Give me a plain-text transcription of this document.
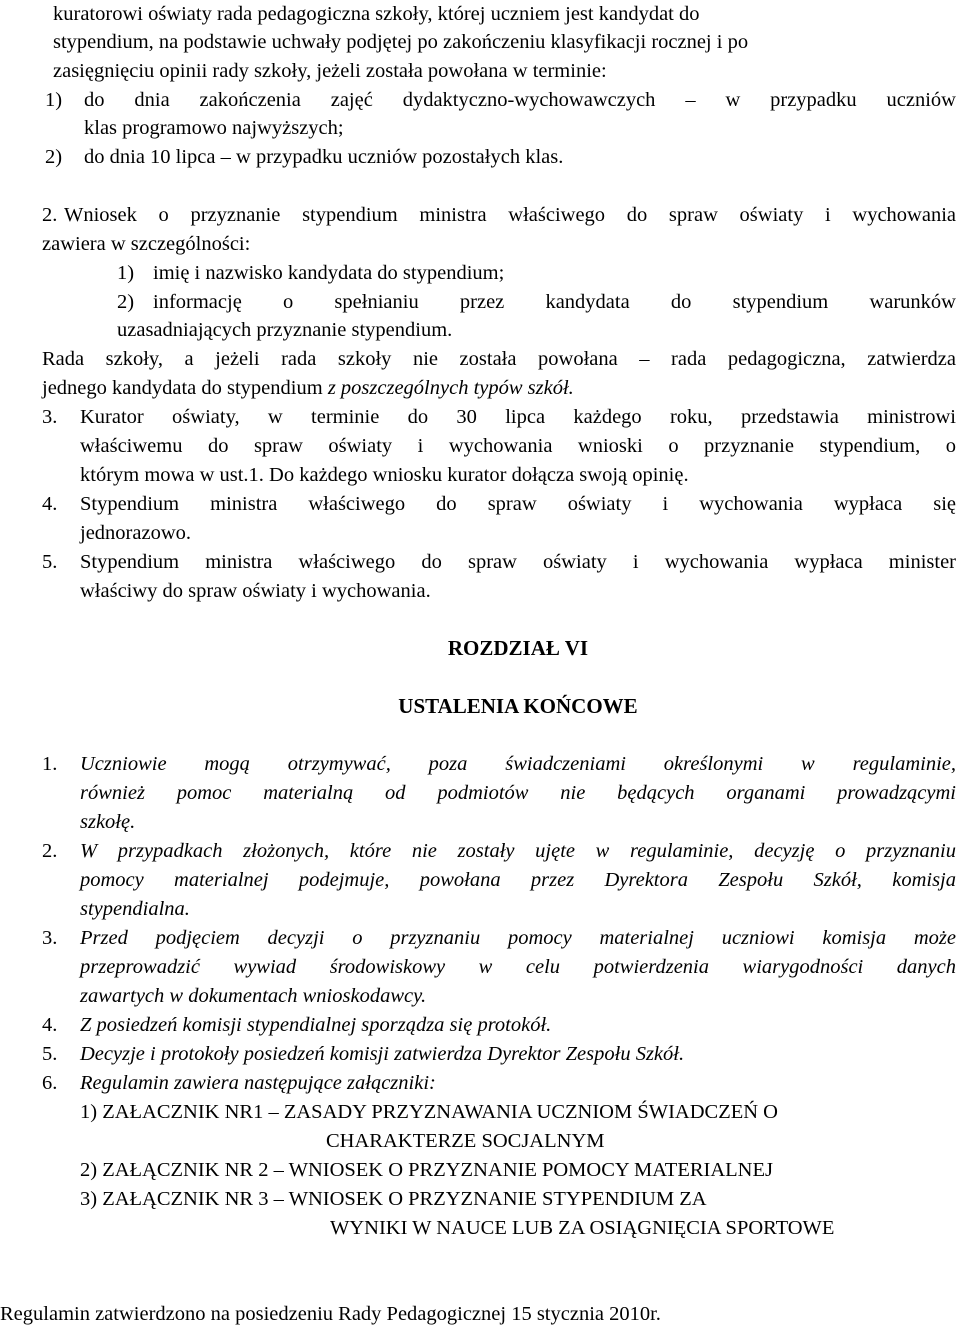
kuratorowi oświaty rada pedagogiczna szkoły, której uczniem jest kandydat do
stypendium, na podstawie uchwały podjętej po zakończeniu klasyfikacji rocznej i po
zasięgnięciu opinii rady szkoły, jeżeli została powołana w terminie:
1) do dnia zakończenia zajęć dydaktyczno-wychowawczych – w przypadku uczniów
klas programowo najwyższych;
2) do dnia 10 lipca – w przypadku uczniów pozostałych klas.
2. Wniosek o przyznanie stypendium ministra właściwego do spraw oświaty i wychowania
zawiera w szczególności:
1) imię i nazwisko kandydata do stypendium;
2) informację o spełnianiu przez kandydata do stypendium warunków
uzasadniających przyznanie stypendium.
Rada szkoły, a jeżeli rada szkoły nie została powołana – rada pedagogiczna, zatwierdza
jednego kandydata do stypendium z poszczególnych typów szkół.
3. Kurator oświaty, w terminie do 30 lipca każdego roku, przedstawia ministrowi
właściwemu do spraw oświaty i wychowania wnioski o przyznanie stypendium, o
którym mowa w ust.1. Do każdego wniosku kurator dołącza swoją opinię.
4. Stypendium ministra właściwego do spraw oświaty i wychowania wypłaca się
jednorazowo.
5. Stypendium ministra właściwego do spraw oświaty i wychowania wypłaca minister
właściwy do spraw oświaty i wychowania.
ROZDZIAŁ VI
USTALENIA KOŃCOWE
1. Uczniowie mogą otrzymywać, poza świadczeniami określonymi w regulaminie,
również pomoc materialną od podmiotów nie będących organami prowadzącymi
szkołę.
2. W przypadkach złożonych, które nie zostały ujęte w regulaminie, decyzję o przyznaniu
pomocy materialnej podejmuje, powołana przez Dyrektora Zespołu Szkół, komisja
stypendialna.
3. Przed podjęciem decyzji o przyznaniu pomocy materialnej uczniowi komisja może
przeprowadzić wywiad środowiskowy w celu potwierdzenia wiarygodności danych
zawartych w dokumentach wnioskodawcy.
4. Z posiedzeń komisji stypendialnej sporządza się protokół.
5. Decyzje i protokoły posiedzeń komisji zatwierdza Dyrektor Zespołu Szkół.
6. Regulamin zawiera następujące załączniki:
1) ZAŁACZNIK NR1 – ZASADY PRZYZNAWANIA UCZNIOM ŚWIADCZEŃ O
CHARAKTERZE SOCJALNYM
2) ZAŁĄCZNIK NR 2 – WNIOSEK O PRZYZNANIE POMOCY MATERIALNEJ
3) ZAŁĄCZNIK NR 3 – WNIOSEK O PRZYZNANIE STYPENDIUM ZA
WYNIKI W NAUCE LUB ZA OSIĄGNIĘCIA SPORTOWE
Regulamin zatwierdzono na posiedzeniu Rady Pedagogicznej 15 stycznia 2010r.
